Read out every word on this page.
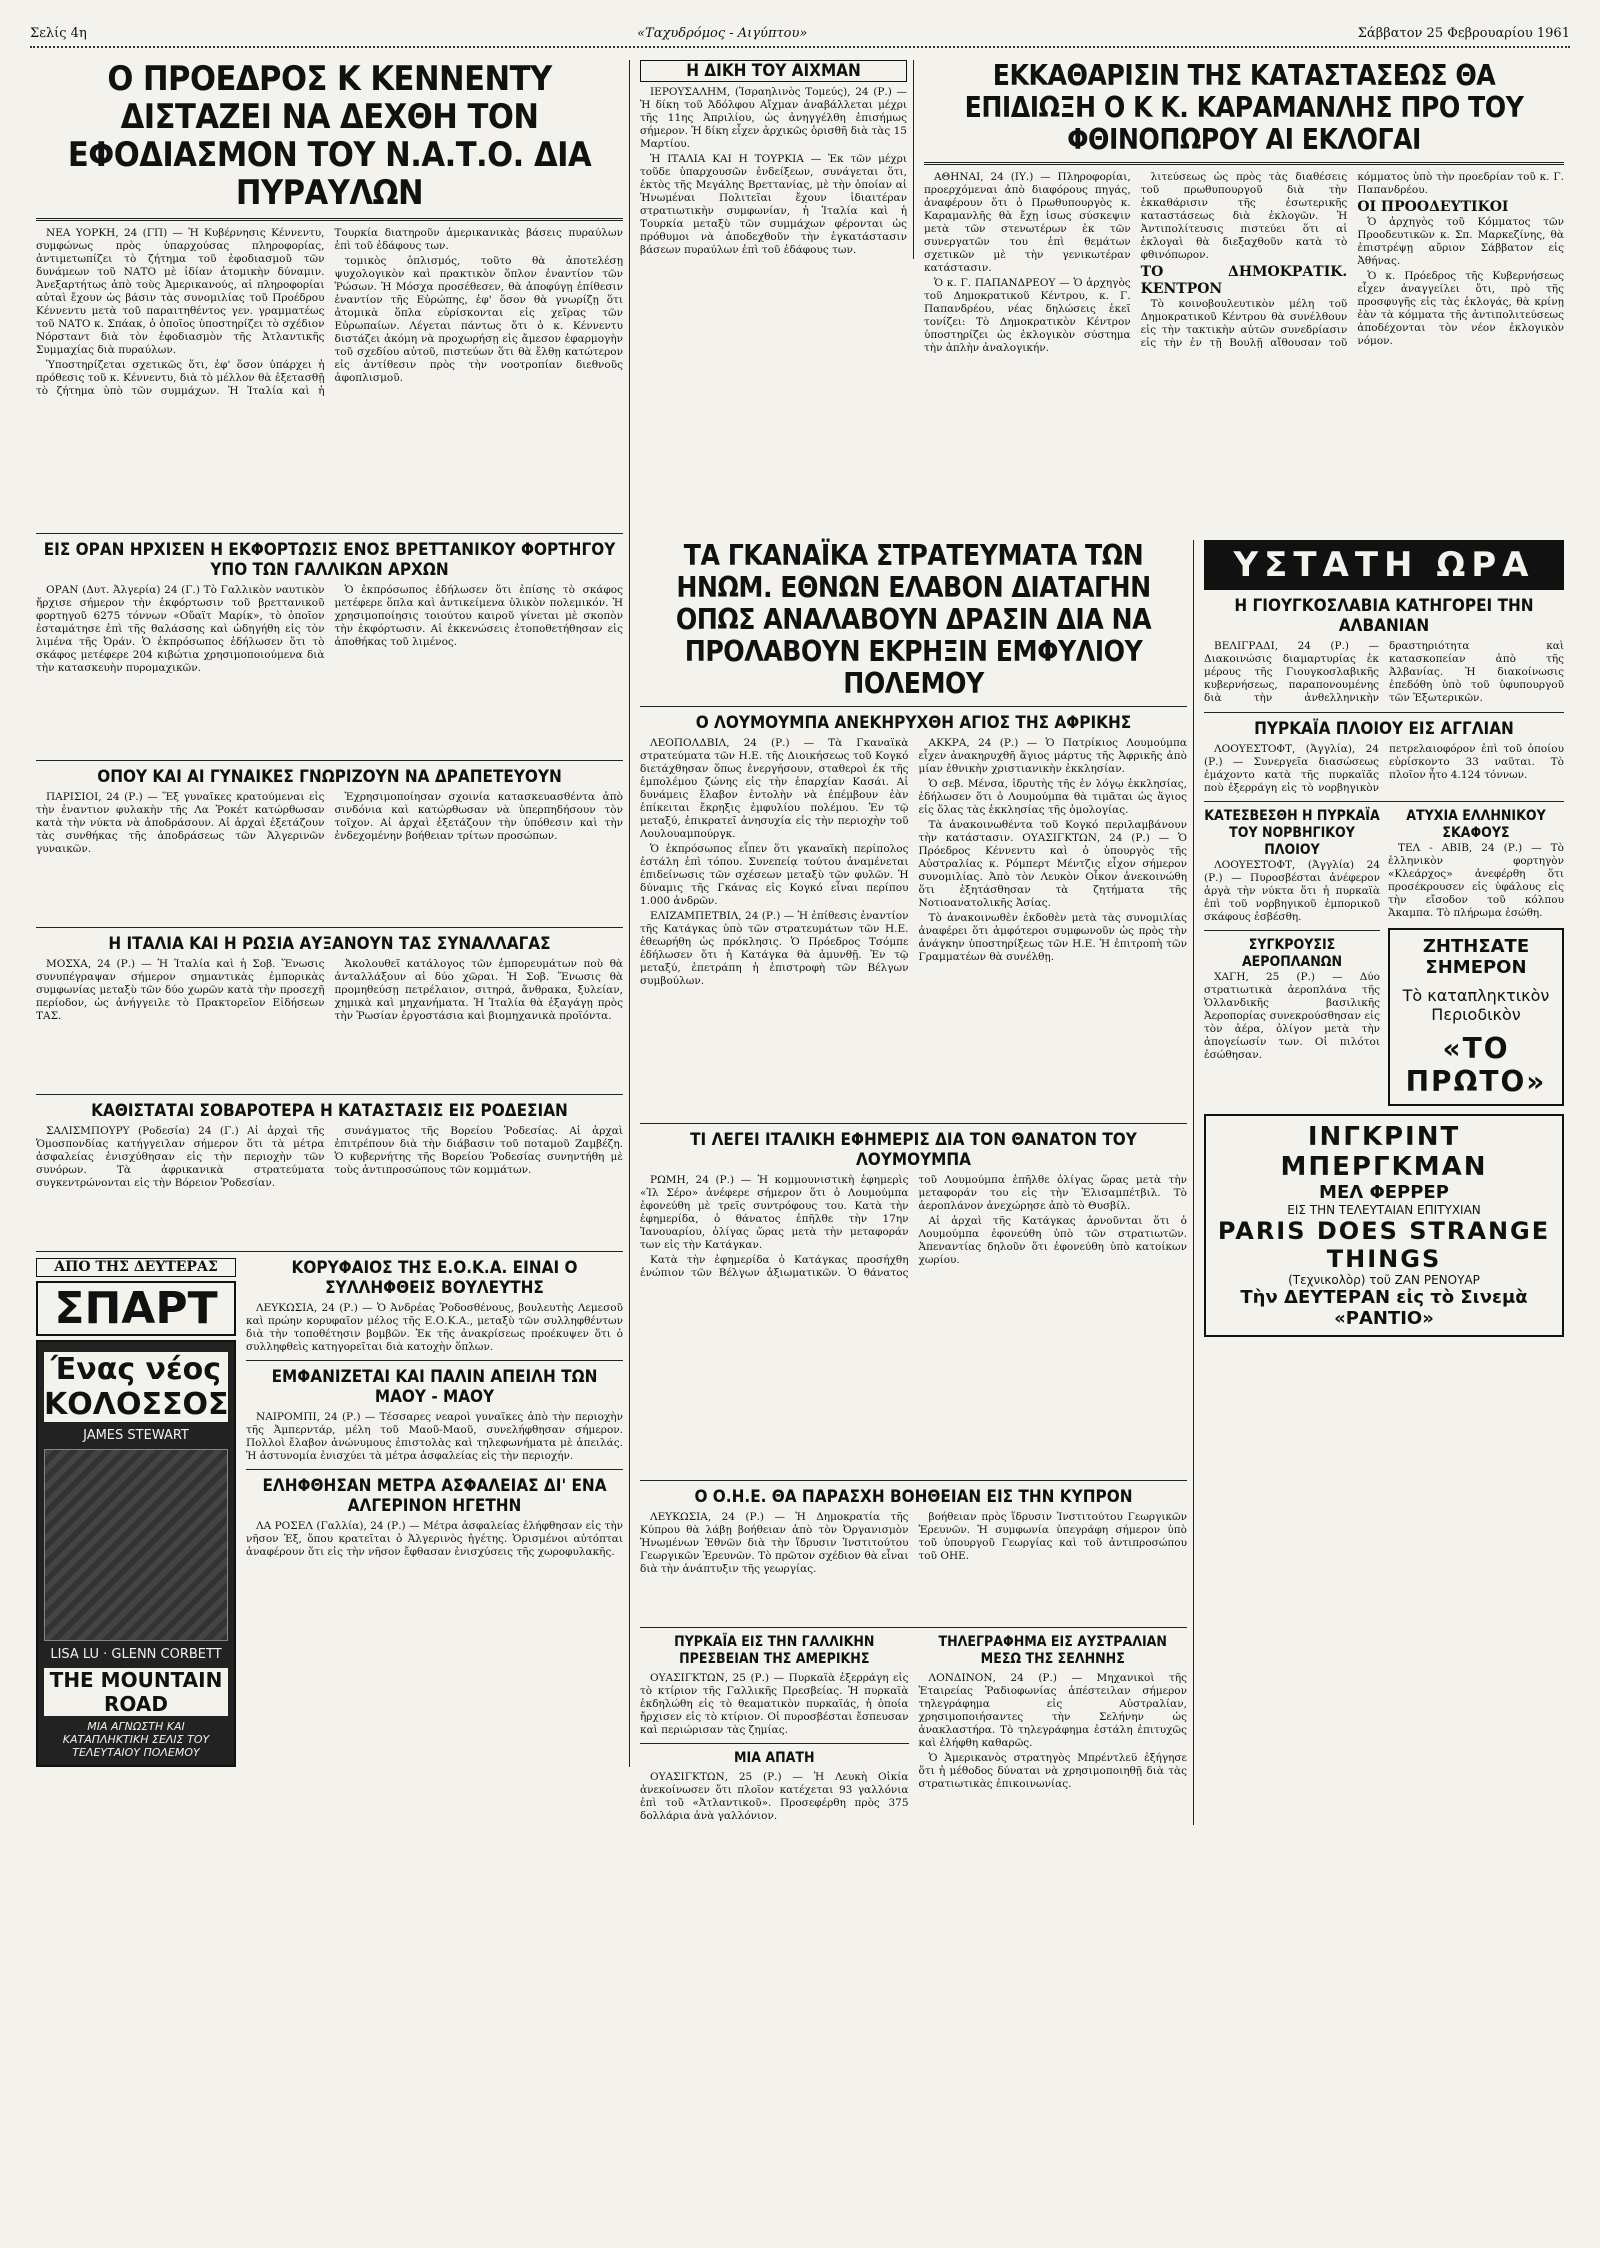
Σελίς 4η	«Ταχυδρόμος - Αιγύπτου»	Σάββατον 25 Φεβρουαρίου 1961
Ο ΠΡΟΕΔΡΟΣ Κ ΚΕΝΝΕΝΤΥ ΔΙΣΤΑΖΕΙ ΝΑ ΔΕΧΘΗ ΤΟΝ ΕΦΟΔΙΑΣΜΟΝ ΤΟΥ Ν.Α.Τ.Ο. ΔΙΑ ΠΥΡΑΥΛΩΝ

ΝΕΑ ΥΟΡΚΗ, 24 (ΓΠ) — Ἡ Κυβέρνησις Κέννεντυ, συμφώνως πρὸς ὑπαρχούσας πληροφορίας, ἀντιμετωπίζει τὸ ζήτημα τοῦ ἐφοδιασμοῦ τῶν δυνάμεων τοῦ ΝΑΤΟ μὲ ἰδίαν ἀτομικὴν δύναμιν. Ἀνεξαρτήτως ἀπὸ τοὺς Ἀμερικανούς, αἱ πληροφορίαι αὐταὶ ἔχουν ὡς βάσιν τὰς συνομιλίας τοῦ Προέδρου Κέννεντυ μετὰ τοῦ παραιτηθέντος γεν. γραμματέως τοῦ ΝΑΤΟ κ. Σπάακ, ὁ ὁποῖος ὑποστηρίζει τὸ σχέδιον Νόρσταντ διὰ τὸν ἐφοδιασμὸν τῆς Ἀτλαντικῆς Συμμαχίας διὰ πυραύλων.

Ὑποστηρίζεται σχετικῶς ὅτι, ἐφ' ὅσον ὑπάρχει ἡ πρόθεσις τοῦ κ. Κέννεντυ, διὰ τὸ μέλλον θὰ ἐξετασθῇ τὸ ζήτημα ὑπὸ τῶν συμμάχων. Ἡ Ἰταλία καὶ ἡ Τουρκία διατηροῦν ἀμερικανικὰς βάσεις πυραύλων ἐπὶ τοῦ ἐδάφους των.

τομικὸς ὁπλισμός, τοῦτο θὰ ἀποτελέσῃ ψυχολογικὸν καὶ πρακτικὸν ὅπλον ἐναντίον τῶν Ῥώσων. Ἡ Μόσχα προσέθεσεν, θὰ ἀποφύγῃ ἐπίθεσιν ἐναντίον τῆς Εὐρώπης, ἐφ' ὅσον θὰ γνωρίζῃ ὅτι ἀτομικὰ ὅπλα εὑρίσκονται εἰς χεῖρας τῶν Εὐρωπαίων. Λέγεται πάντως ὅτι ὁ κ. Κέννεντυ διστάζει ἀκόμη νὰ προχωρήσῃ εἰς ἄμεσον ἐφαρμογὴν τοῦ σχεδίου αὐτοῦ, πιστεύων ὅτι θὰ ἔλθῃ κατώτερον εἰς ἀντίθεσιν πρὸς τὴν νοοτροπίαν διεθνοῦς ἀφοπλισμοῦ.

ΕΙΣ ΟΡΑΝ ΗΡΧΙΣΕΝ Η ΕΚΦΟΡΤΩΣΙΣ ΕΝΟΣ ΒΡΕΤΤΑΝΙΚΟΥ ΦΟΡΤΗΓΟΥ ΥΠΟ ΤΩΝ ΓΑΛΛΙΚΩΝ ΑΡΧΩΝ

ΟΡΑΝ (Δυτ. Ἀλγερία) 24 (Γ.) Τὸ Γαλλικὸν ναυτικὸν ἤρχισε σήμερον τὴν ἐκφόρτωσιν τοῦ βρεττανικοῦ φορτηγοῦ 6275 τόννων «Οὔαϊτ Μαρίκ», τὸ ὁποῖον ἐσταμάτησε ἐπὶ τῆς θαλάσσης καὶ ὡδηγήθη εἰς τὸν λιμένα τῆς Ὀράν. Ὁ ἐκπρόσωπος ἐδήλωσεν ὅτι τὸ σκάφος μετέφερε 204 κιβώτια χρησιμοποιούμενα διὰ τὴν κατασκευὴν πυρομαχικῶν.

Ὁ ἐκπρόσωπος ἐδήλωσεν ὅτι ἐπίσης τὸ σκάφος μετέφερε ὅπλα καὶ ἀντικείμενα ὑλικὸν πολεμικόν. Ἡ χρησιμοποίησις τοιούτου καιροῦ γίνεται μὲ σκοπὸν τὴν ἐκφόρτωσιν. Αἱ ἐκκενώσεις ἐτοποθετήθησαν εἰς ἀποθήκας τοῦ λιμένος.

ΟΠΟΥ ΚΑΙ ΑΙ ΓΥΝΑΙΚΕΣ ΓΝΩΡΙΖΟΥΝ ΝΑ ΔΡΑΠΕΤΕΥΟΥΝ

ΠΑΡΙΣΙΟΙ, 24 (Ρ.) — Ἕξ γυναῖκες κρατούμεναι εἰς τὴν ἐναντιον φυλακὴν τῆς Λα Ῥοκέτ κατώρθωσαν κατὰ τὴν νύκτα νὰ ἀποδράσουν. Αἱ ἀρχαὶ ἐξετάζουν τὰς συνθήκας τῆς ἀποδράσεως τῶν Ἀλγερινῶν γυναικῶν.

Ἐχρησιμοποίησαν σχοινία κατασκευασθέντα ἀπὸ σινδόνια καὶ κατώρθωσαν νὰ ὑπερπηδήσουν τὸν τοῖχον. Αἱ ἀρχαὶ ἐξετάζουν τὴν ὑπόθεσιν καὶ τὴν ἐνδεχομένην βοήθειαν τρίτων προσώπων.

Η ΙΤΑΛΙΑ ΚΑΙ Η ΡΩΣΙΑ ΑΥΞΑΝΟΥΝ ΤΑΣ ΣΥΝΑΛΛΑΓΑΣ

ΜΟΣΧΑ, 24 (Ρ.) — Ἡ Ἰταλία καὶ ἡ Σοβ. Ἕνωσις συνυπέγραψαν σήμερον σημαντικὰς ἐμπορικὰς συμφωνίας μεταξὺ τῶν δύο χωρῶν κατὰ τὴν προσεχῆ περίοδον, ὡς ἀνήγγειλε τὸ Πρακτορεῖον Εἰδήσεων ΤΑΣ.

Ἀκολουθεῖ κατάλογος τῶν ἐμπορευμάτων ποὺ θὰ ἀνταλλάξουν αἱ δύο χῶραι. Ἡ Σοβ. Ἕνωσις θὰ προμηθεύσῃ πετρέλαιον, σιτηρά, ἄνθρακα, ξυλείαν, χημικὰ καὶ μηχανήματα. Ἡ Ἰταλία θὰ ἐξαγάγῃ πρὸς τὴν Ῥωσίαν ἐργοστάσια καὶ βιομηχανικὰ προϊόντα.

ΚΑΘΙΣΤΑΤΑΙ ΣΟΒΑΡΟΤΕΡΑ Η ΚΑΤΑΣΤΑΣΙΣ ΕΙΣ ΡΟΔΕΣΙΑΝ

ΣΑΛΙΣΜΠΟΥΡΥ (Ροδεσία) 24 (Γ.) Αἱ ἀρχαὶ τῆς Ὁμοσπονδίας κατήγγειλαν σήμερον ὅτι τὰ μέτρα ἀσφαλείας ἐνισχύθησαν εἰς τὴν περιοχὴν τῶν συνόρων. Τὰ ἀφρικανικὰ στρατεύματα συγκεντρώνονται εἰς τὴν Βόρειον Ῥοδεσίαν.

συνάγματος τῆς Βορείου Ῥοδεσίας. Αἱ ἀρχαὶ ἐπιτρέπουν διὰ τὴν διάβασιν τοῦ ποταμοῦ Ζαμβέζη. Ὁ κυβερνήτης τῆς Βορείου Ῥοδεσίας συνηντήθη μὲ τοὺς ἀντιπροσώπους τῶν κομμάτων.

ΑΠΟ ΤΗΣ ΔΕΥΤΕΡΑΣ
ΣΠΑΡΤ
Ένας νέος ΚΟΛΟΣΣΟΣ
JAMES STEWART
LISA LU · GLENN CORBETT
THE MOUNTAIN ROAD
ΜΙΑ ΑΓΝΩΣΤΗ ΚΑΙ ΚΑΤΑΠΛΗΚΤΙΚΗ ΣΕΛΙΣ ΤΟΥ ΤΕΛΕΥΤΑΙΟΥ ΠΟΛΕΜΟΥ
ΚΟΡΥΦΑΙΟΣ ΤΗΣ Ε.Ο.Κ.Α. ΕΙΝΑΙ Ο ΣΥΛΛΗΦΘΕΙΣ ΒΟΥΛΕΥΤΗΣ

ΛΕΥΚΩΣΙΑ, 24 (Ρ.) — Ὁ Ἀνδρέας Ῥοδοσθένους, βουλευτὴς Λεμεσοῦ καὶ πρώην κορυφαῖον μέλος τῆς Ε.Ο.Κ.Α., μεταξὺ τῶν συλληφθέντων διὰ τὴν τοποθέτησιν βομβῶν. Ἐκ τῆς ἀνακρίσεως προέκυψεν ὅτι ὁ συλληφθεὶς κατηγορεῖται διὰ κατοχὴν ὅπλων.

ΕΜΦΑΝΙΖΕΤΑΙ ΚΑΙ ΠΑΛΙΝ ΑΠΕΙΛΗ ΤΩΝ ΜΑΟΥ - ΜΑΟΥ

ΝΑΙΡΟΜΠΙ, 24 (Ρ.) — Τέσσαρες νεαροὶ γυναῖκες ἀπὸ τὴν περιοχὴν τῆς Ἀμπερντάρ, μέλη τοῦ Μαοῦ-Μαοῦ, συνελήφθησαν σήμερον. Πολλοὶ ἔλαβον ἀνώνυμους ἐπιστολὰς καὶ τηλεφωνήματα μὲ ἀπειλάς. Ἡ ἀστυνομία ἐνισχύει τὰ μέτρα ἀσφαλείας εἰς τὴν περιοχήν.

ΕΛΗΦΘΗΣΑΝ ΜΕΤΡΑ ΑΣΦΑΛΕΙΑΣ ΔΙ' ΕΝΑ ΑΛΓΕΡΙΝΟΝ ΗΓΕΤΗΝ

ΛΑ ΡΟΣΕΛ (Γαλλία), 24 (Ρ.) — Μέτρα ἀσφαλείας ἐλήφθησαν εἰς τὴν νῆσον Ἑξ, ὅπου κρατεῖται ὁ Ἀλγερινὸς ἡγέτης. Ὁρισμένοι αὐτόπται ἀναφέρουν ὅτι εἰς τὴν νῆσον ἔφθασαν ἐνισχύσεις τῆς χωροφυλακῆς.

Η ΔΙΚΗ ΤΟΥ ΑΙΧΜΑΝ

ΙΕΡΟΥΣΑΛΗΜ, (Ἰσραηλινὸς Τομεύς), 24 (Ρ.) — Ἡ δίκη τοῦ Ἀδόλφου Αἴχμαν ἀναβάλλεται μέχρι τῆς 11ης Ἀπριλίου, ὡς ἀνηγγέλθη ἐπισήμως σήμερον. Ἡ δίκη εἶχεν ἀρχικῶς ὁρισθῆ διὰ τὰς 15 Μαρτίου.

Ἡ ΙΤΑΛΙΑ ΚΑΙ Η ΤΟΥΡΚΙΑ — Ἐκ τῶν μέχρι τοῦδε ὑπαρχουσῶν ἐνδείξεων, συνάγεται ὅτι, ἐκτὸς τῆς Μεγάλης Βρεττανίας, μὲ τὴν ὁποίαν αἱ Ἡνωμέναι Πολιτεῖαι ἔχουν ἰδιαιτέραν στρατιωτικὴν συμφωνίαν, ἡ Ἰταλία καὶ ἡ Τουρκία μεταξὺ τῶν συμμάχων φέρονται ὡς πρόθυμοι νὰ ἀποδεχθοῦν τὴν ἐγκατάστασιν βάσεων πυραύλων ἐπὶ τοῦ ἐδάφους των.

ΕΚΚΑΘΑΡΙΣΙΝ ΤΗΣ ΚΑΤΑΣΤΑΣΕΩΣ ΘΑ ΕΠΙΔΙΩΞΗ Ο Κ Κ. ΚΑΡΑΜΑΝΛΗΣ ΠΡΟ ΤΟΥ ΦΘΙΝΟΠΩΡΟΥ ΑΙ ΕΚΛΟΓΑΙ

ΑΘΗΝΑΙ, 24 (ΙΥ.) — Πληροφορίαι, προερχόμεναι ἀπὸ διαφόρους πηγάς, ἀναφέρουν ὅτι ὁ Πρωθυπουργὸς κ. Καραμανλῆς θὰ ἔχῃ ἰσως σύσκεψιν μετὰ τῶν στενωτέρων ἐκ τῶν συνεργατῶν του ἐπὶ θεμάτων σχετικῶν μὲ τὴν γενικωτέραν κατάστασιν.

Ὁ κ. Γ. ΠΑΠΑΝΔΡΕΟΥ — Ὁ ἀρχηγὸς τοῦ Δημοκρατικοῦ Κέντρου, κ. Γ. Παπανδρέου, νέας δηλώσεις ἐκεῖ τονίζει: Τὸ Δημοκρατικὸν Κέντρον ὑποστηρίζει ὡς ἐκλογικὸν σύστημα τὴν ἁπλὴν ἀναλογικήν.

λιτεύσεως ὡς πρὸς τὰς διαθέσεις τοῦ πρωθυπουργοῦ διὰ τὴν ἐκκαθάρισιν τῆς ἐσωτερικῆς καταστάσεως διὰ ἐκλογῶν. Ἡ Ἀντιπολίτευσις πιστεύει ὅτι αἱ ἐκλογαὶ θὰ διεξαχθοῦν κατὰ τὸ φθινόπωρον.

ΤΟ ΔΗΜΟΚΡΑΤΙΚ. ΚΕΝΤΡΟΝ

Τὸ κοινοβουλευτικὸν μέλη τοῦ Δημοκρατικοῦ Κέντρου θὰ συνέλθουν εἰς τὴν τακτικὴν αὐτῶν συνεδρίασιν εἰς τὴν ἐν τῇ Βουλῇ αἴθουσαν τοῦ κόμματος ὑπὸ τὴν προεδρίαν τοῦ κ. Γ. Παπανδρέου.

ΟΙ ΠΡΟΟΔΕΥΤΙΚΟΙ

Ὁ ἀρχηγὸς τοῦ Κόμματος τῶν Προοδευτικῶν κ. Σπ. Μαρκεζίνης, θὰ ἐπιστρέψῃ αὔριον Σάββατον εἰς Ἀθήνας.

Ὁ κ. Πρόεδρος τῆς Κυβερνήσεως εἶχεν ἀναγγείλει ὅτι, πρὸ τῆς προσφυγῆς εἰς τὰς ἐκλογάς, θὰ κρίνῃ ἐὰν τὰ κόμματα τῆς ἀντιπολιτεύσεως ἀποδέχονται τὸν νέον ἐκλογικὸν νόμον.

ΤΑ ΓΚΑΝΑΪΚΑ ΣΤΡΑΤΕΥΜΑΤΑ ΤΩΝ ΗΝΩΜ. ΕΘΝΩΝ ΕΛΑΒΟΝ ΔΙΑΤΑΓΗΝ ΟΠΩΣ ΑΝΑΛΑΒΟΥΝ ΔΡΑΣΙΝ ΔΙΑ ΝΑ ΠΡΟΛΑΒΟΥΝ ΕΚΡΗΞΙΝ ΕΜΦΥΛΙΟΥ ΠΟΛΕΜΟΥ
Ο ΛΟΥΜΟΥΜΠΑ ΑΝΕΚΗΡΥΧΘΗ ΑΓΙΟΣ ΤΗΣ ΑΦΡΙΚΗΣ

ΛΕΟΠΟΛΔΒΙΛ, 24 (Ρ.) — Τὰ Γκαναϊκὰ στρατεύματα τῶν Η.Ε. τῆς Διοικήσεως τοῦ Κογκό διετάχθησαν ὅπως ἐνεργήσουν, σταθεροὶ ἐκ τῆς ἐμπολέμου ζώνης εἰς τὴν ἐπαρχίαν Κασάι. Αἱ δυνάμεις ἔλαβον ἐντολὴν νὰ ἐπέμβουν ἐὰν ἐπίκειται ἔκρηξις ἐμφυλίου πολέμου. Ἐν τῷ μεταξύ, ἐπικρατεῖ ἀνησυχία εἰς τὴν περιοχὴν τοῦ Λουλουαμπούργκ.

Ὁ ἐκπρόσωπος εἶπεν ὅτι γκαναϊκὴ περίπολος ἐστάλη ἐπὶ τόπου. Συνεπείᾳ τούτου ἀναμένεται ἐπιδείνωσις τῶν σχέσεων μεταξὺ τῶν φυλῶν. Ἡ δύναμις τῆς Γκάνας εἰς Κογκό εἶναι περίπου 1.000 ἀνδρῶν.

ΕΛΙΖΑΜΠΕΤΒΙΛ, 24 (Ρ.) — Ἡ ἐπίθεσις ἐναντίον τῆς Κατάγκας ὑπὸ τῶν στρατευμάτων τῶν Η.Ε. ἐθεωρήθη ὡς πρόκλησις. Ὁ Πρόεδρος Τσόμπε ἐδήλωσεν ὅτι ἡ Κατάγκα θὰ ἀμυνθῇ. Ἐν τῷ μεταξύ, ἐπετράπη ἡ ἐπιστροφὴ τῶν Βέλγων συμβούλων.

ΑΚΚΡΑ, 24 (Ρ.) — Ὁ Πατρίκιος Λουμούμπα εἶχεν ἀνακηρυχθῆ ἅγιος μάρτυς τῆς Ἀφρικῆς ἀπὸ μίαν ἐθνικὴν χριστιανικὴν ἐκκλησίαν.

Ὁ σεβ. Μένσα, ἱδρυτὴς τῆς ἐν λόγῳ ἐκκλησίας, ἐδήλωσεν ὅτι ὁ Λουμούμπα θὰ τιμᾶται ὡς ἅγιος εἰς ὅλας τὰς ἐκκλησίας τῆς ὁμολογίας.

Τὰ ἀνακοινωθέντα τοῦ Κογκό περιλαμβάνουν τὴν κατάστασιν. ΟΥΑΣΙΓΚΤΩΝ, 24 (Ρ.) — Ὁ Πρόεδρος Κέννεντυ καὶ ὁ ὑπουργὸς τῆς Αὐστραλίας κ. Ρόμπερτ Μέντζις εἶχον σήμερον συνομιλίας. Ἀπὸ τὸν Λευκὸν Οἶκον ἀνεκοινώθη ὅτι ἐξητάσθησαν τὰ ζητήματα τῆς Νοτιοανατολικῆς Ἀσίας.

Τὸ ἀνακοινωθὲν ἐκδοθὲν μετὰ τὰς συνομιλίας ἀναφέρει ὅτι ἀμφότεροι συμφωνοῦν ὡς πρὸς τὴν ἀνάγκην ὑποστηρίξεως τῶν Η.Ε. Ἡ ἐπιτροπὴ τῶν Γραμματέων θὰ συνέλθῃ.

ΤΙ ΛΕΓΕΙ ΙΤΑΛΙΚΗ ΕΦΗΜΕΡΙΣ ΔΙΑ ΤΟΝ ΘΑΝΑΤΟΝ ΤΟΥ ΛΟΥΜΟΥΜΠΑ

ΡΩΜΗ, 24 (Ρ.) — Ἡ κομμουνιστικὴ ἐφημερὶς «Ἰλ Σέρο» ἀνέφερε σήμερον ὅτι ὁ Λουμούμπα ἐφονεύθη μὲ τρεῖς συντρόφους του. Κατὰ τὴν ἐφημερίδα, ὁ θάνατος ἐπῆλθε τὴν 17ην Ἰανουαρίου, ὀλίγας ὥρας μετὰ τὴν μεταφοράν των εἰς τὴν Κατάγκαν.

Κατὰ τὴν ἐφημερίδα ὁ Κατάγκας προσήχθη ἐνώπιον τῶν Βέλγων ἀξιωματικῶν. Ὁ θάνατος τοῦ Λουμούμπα ἐπῆλθε ὀλίγας ὥρας μετὰ τὴν μεταφοράν του εἰς τὴν Ἐλισαμπέτβιλ. Τὸ ἀεροπλάνον ἀνεχώρησε ἀπὸ τὸ Θυσβίλ.

Αἱ ἀρχαὶ τῆς Κατάγκας ἀρνοῦνται ὅτι ὁ Λουμούμπα ἐφονεύθη ὑπὸ τῶν στρατιωτῶν. Ἀπεναντίας δηλοῦν ὅτι ἐφονεύθη ὑπὸ κατοίκων χωρίου.

Ο Ο.Η.Ε. ΘΑ ΠΑΡΑΣΧΗ ΒΟΗΘΕΙΑΝ ΕΙΣ ΤΗΝ ΚΥΠΡΟΝ

ΛΕΥΚΩΣΙΑ, 24 (Ρ.) — Ἡ Δημοκρατία τῆς Κύπρου θὰ λάβῃ βοήθειαν ἀπὸ τὸν Ὀργανισμὸν Ἡνωμένων Ἐθνῶν διὰ τὴν ἵδρυσιν Ἰνστιτούτου Γεωργικῶν Ἐρευνῶν. Τὸ πρῶτον σχέδιον θὰ εἶναι διὰ τὴν ἀνάπτυξιν τῆς γεωργίας.

βοήθειαν πρὸς ἵδρυσιν Ἰνστιτούτου Γεωργικῶν Ἐρευνῶν. Ἡ συμφωνία ὑπεγράφη σήμερον ὑπὸ τοῦ ὑπουργοῦ Γεωργίας καὶ τοῦ ἀντιπροσώπου τοῦ ΟΗΕ.

ΠΥΡΚΑΪΑ ΕΙΣ ΤΗΝ ΓΑΛΛΙΚΗΝ ΠΡΕΣΒΕΙΑΝ ΤΗΣ ΑΜΕΡΙΚΗΣ

ΟΥΑΣΙΓΚΤΩΝ, 25 (Ρ.) — Πυρκαϊὰ ἐξερράγη εἰς τὸ κτίριον τῆς Γαλλικῆς Πρεσβείας. Ἡ πυρκαϊὰ ἐκδηλώθη εἰς τὸ θεαματικὸν πυρκαϊάς, ἡ ὁποία ἤρχισεν εἰς τὸ κτίριον. Οἱ πυροσβέσται ἔσπευσαν καὶ περιώρισαν τὰς ζημίας.

ΜΙΑ ΑΠΑΤΗ

ΟΥΑΣΙΓΚΤΩΝ, 25 (Ρ.) — Ἡ Λευκὴ Οἰκία ἀνεκοίνωσεν ὅτι πλοῖον κατέχεται 93 γαλλόνια ἐπὶ τοῦ «Ἀτλαντικοῦ». Προσεφέρθη πρὸς 375 δολλάρια ἀνὰ γαλλόνιον.

ΤΗΛΕΓΡΑΦΗΜΑ ΕΙΣ ΑΥΣΤΡΑΛΙΑΝ ΜΕΣΩ ΤΗΣ ΣΕΛΗΝΗΣ

ΛΟΝΔΙΝΟΝ, 24 (Ρ.) — Μηχανικοὶ τῆς Ἑταιρείας Ῥαδιοφωνίας ἀπέστειλαν σήμερον τηλεγράφημα εἰς Αὐστραλίαν, χρησιμοποιήσαντες τὴν Σελήνην ὡς ἀνακλαστήρα. Τὸ τηλεγράφημα ἐστάλη ἐπιτυχῶς καὶ ἐλήφθη καθαρῶς.

Ὁ Ἀμερικανὸς στρατηγὸς Μπρέντλεϋ ἐξήγησε ὅτι ἡ μέθοδος δύναται νὰ χρησιμοποιηθῇ διὰ τὰς στρατιωτικὰς ἐπικοινωνίας.

ΥΣΤΑΤΗ ΩΡΑ
Η ΓΙΟΥΓΚΟΣΛΑΒΙΑ ΚΑΤΗΓΟΡΕΙ ΤΗΝ ΑΛΒΑΝΙΑΝ

ΒΕΛΙΓΡΑΔΙ, 24 (Ρ.) — Διακοινώσις διαμαρτυρίας ἐκ μέρους τῆς Γιουγκοσλαβικῆς κυβερνήσεως, παραπονουμένης διὰ τὴν ἀνθελληνικὴν δραστηριότητα καὶ κατασκοπείαν ἀπὸ τῆς Ἀλβανίας. Ἡ διακοίνωσις ἐπεδόθη ὑπὸ τοῦ ὑφυπουργοῦ τῶν Ἐξωτερικῶν.

ΠΥΡΚΑΪΑ ΠΛΟΙΟΥ ΕΙΣ ΑΓΓΛΙΑΝ

ΛΟΟΥΕΣΤΟΦΤ, (Ἀγγλία), 24 (Ρ.) — Συνεργεῖα διασώσεως ἐμάχοντο κατὰ τῆς πυρκαϊᾶς ποὺ ἐξερράγη εἰς τὸ νορβηγικὸν πετρελαιοφόρον ἐπὶ τοῦ ὁποίου εὑρίσκοντο 33 ναῦται. Τὸ πλοῖον ἦτο 4.124 τόννων.

ΚΑΤΕΣΒΕΣΘΗ Η ΠΥΡΚΑΪΑ ΤΟΥ ΝΟΡΒΗΓΙΚΟΥ ΠΛΟΙΟΥ

ΛΟΟΥΕΣΤΟΦΤ, (Ἀγγλία) 24 (Ρ.) — Πυροσβέσται ἀνέφερον ἀργὰ τὴν νύκτα ὅτι ἡ πυρκαϊὰ ἐπὶ τοῦ νορβηγικοῦ ἐμπορικοῦ σκάφους ἐσβέσθη.

ΣΥΓΚΡΟΥΣΙΣ ΑΕΡΟΠΛΑΝΩΝ

ΧΑΓΗ, 25 (Ρ.) — Δύο στρατιωτικὰ ἀεροπλάνα τῆς Ὁλλανδικῆς βασιλικῆς Ἀεροπορίας συνεκρούσθησαν εἰς τὸν ἀέρα, ὀλίγον μετὰ τὴν ἀπογείωσίν των. Οἱ πιλότοι ἐσώθησαν.

ΑΤΥΧΙΑ ΕΛΛΗΝΙΚΟΥ ΣΚΑΦΟΥΣ

ΤΕΛ - ΑΒΙΒ, 24 (Ρ.) — Τὸ ἑλληνικὸν φορτηγὸν «Κλεάρχος» ἀνεφέρθη ὅτι προσέκρουσεν εἰς ὑφάλους εἰς τὴν εἴσοδον τοῦ κόλπου Ἀκαμπα. Τὸ πλήρωμα ἐσώθη.

ΖΗΤΗΣΑΤΕ ΣΗΜΕΡΟΝ
Τὸ καταπληκτικὸν Περιοδικὸν
«ΤΟ ΠΡΩΤΟ»
ΙΝΓΚΡΙΝΤ ΜΠΕΡΓΚΜΑΝ
ΜΕΛ ΦΕΡΡΕΡ
ΕΙΣ ΤΗΝ ΤΕΛΕΥΤΑΙΑΝ ΕΠΙΤΥΧΙΑΝ
PARIS DOES STRANGE THINGS
(Τεχνικολὸρ) τοῦ ΖΑΝ ΡΕΝΟΥΑΡ
Τὴν ΔΕΥΤΕΡΑΝ εἰς τὸ Σινεμὰ «ΡΑΝΤΙΟ»
